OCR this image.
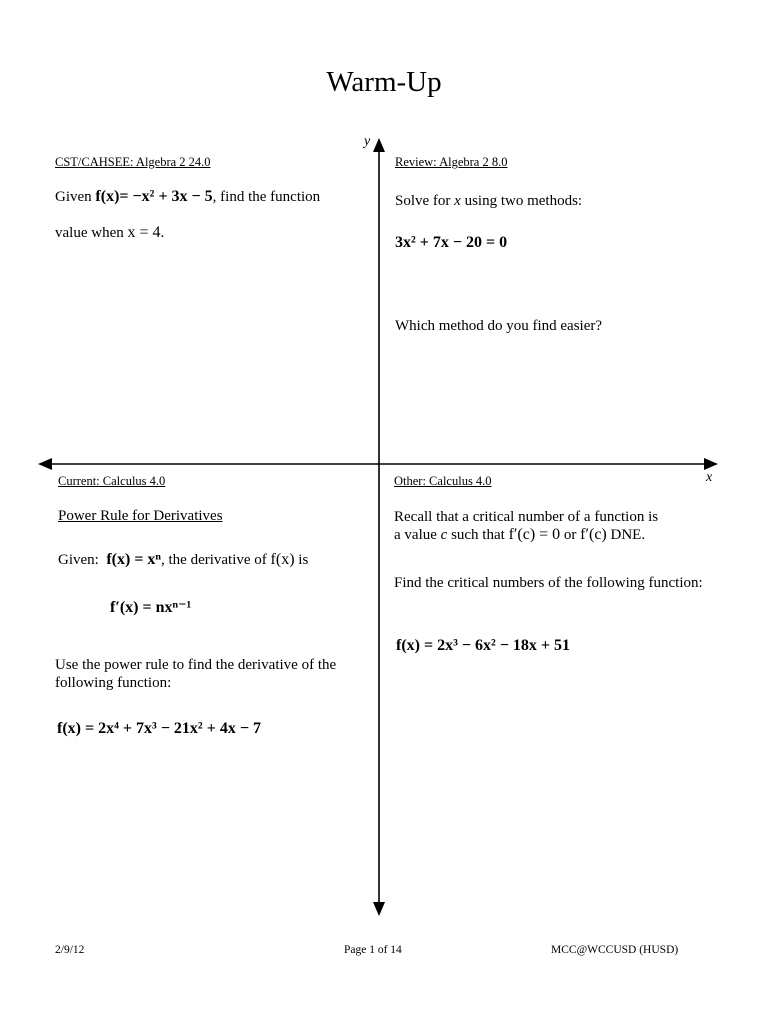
Warm-Up
y
x
CST/CAHSEE: Algebra 2 24.0
Given f(x)= −x² + 3x − 5, find the function
value when x = 4.
Review: Algebra 2 8.0
Solve for x using two methods:
3x² + 7x − 20 = 0
Which method do you find easier?
Current: Calculus 4.0
Power Rule for Derivatives
Given: f(x) = xⁿ, the derivative of f(x) is
f′(x) = nxⁿ⁻¹
Use the power rule to find the derivative of the following function:
f(x) = 2x⁴ + 7x³ − 21x² + 4x − 7
Other: Calculus 4.0
Recall that a critical number of a function is
a value c such that f′(c) = 0 or f′(c) DNE.
Find the critical numbers of the following function:
f(x) = 2x³ − 6x² − 18x + 51
2/9/12	Page 1 of 14	MCC@WCCUSD (HUSD)
